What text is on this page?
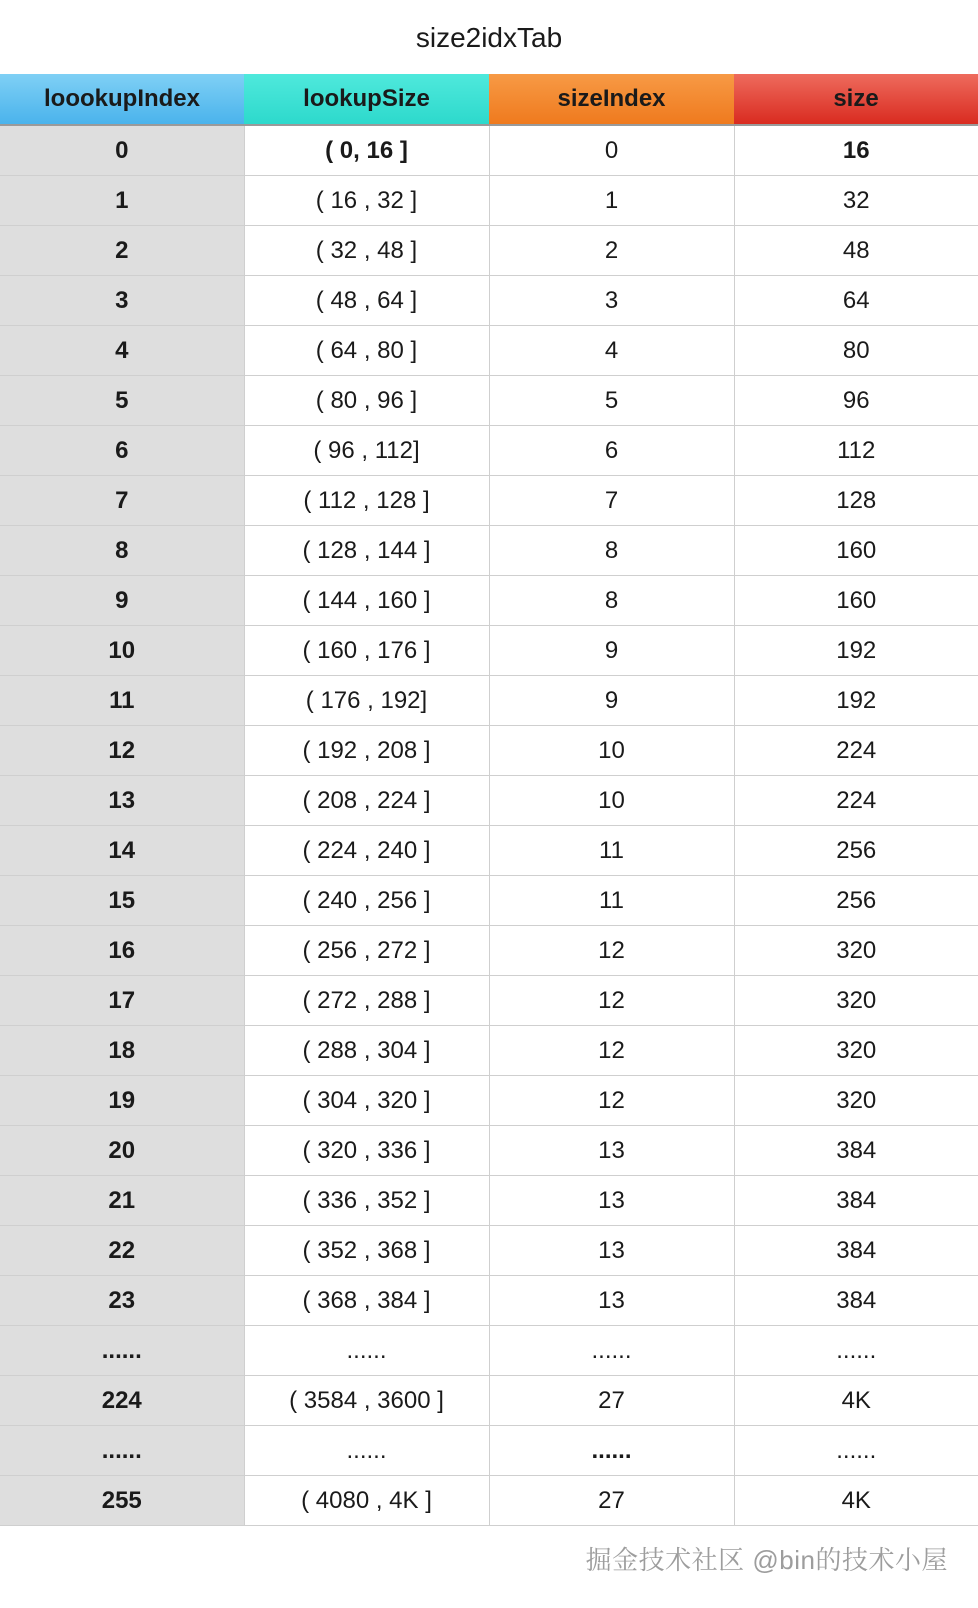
size2idxTab
loookupIndex	lookupSize	sizeIndex	size
0	( 0, 16 ]	0	16
1	( 16 , 32 ]	1	32
2	( 32 , 48 ]	2	48
3	( 48 , 64 ]	3	64
4	( 64 , 80 ]	4	80
5	( 80 , 96 ]	5	96
6	( 96 , 112]	6	112
7	( 112 , 128 ]	7	128
8	( 128 , 144 ]	8	160
9	( 144 , 160 ]	8	160
10	( 160 , 176 ]	9	192
11	( 176 , 192]	9	192
12	( 192 , 208 ]	10	224
13	( 208 , 224 ]	10	224
14	( 224 , 240 ]	11	256
15	( 240 , 256 ]	11	256
16	( 256 , 272 ]	12	320
17	( 272 , 288 ]	12	320
18	( 288 , 304 ]	12	320
19	( 304 , 320 ]	12	320
20	( 320 , 336 ]	13	384
21	( 336 , 352 ]	13	384
22	( 352 , 368 ]	13	384
23	( 368 , 384 ]	13	384
......	......	......	......
224	( 3584 , 3600 ]	27	4K
......	......	......	......
255	( 4080 , 4K ]	27	4K
掘金技术社区 @bin的技术小屋
